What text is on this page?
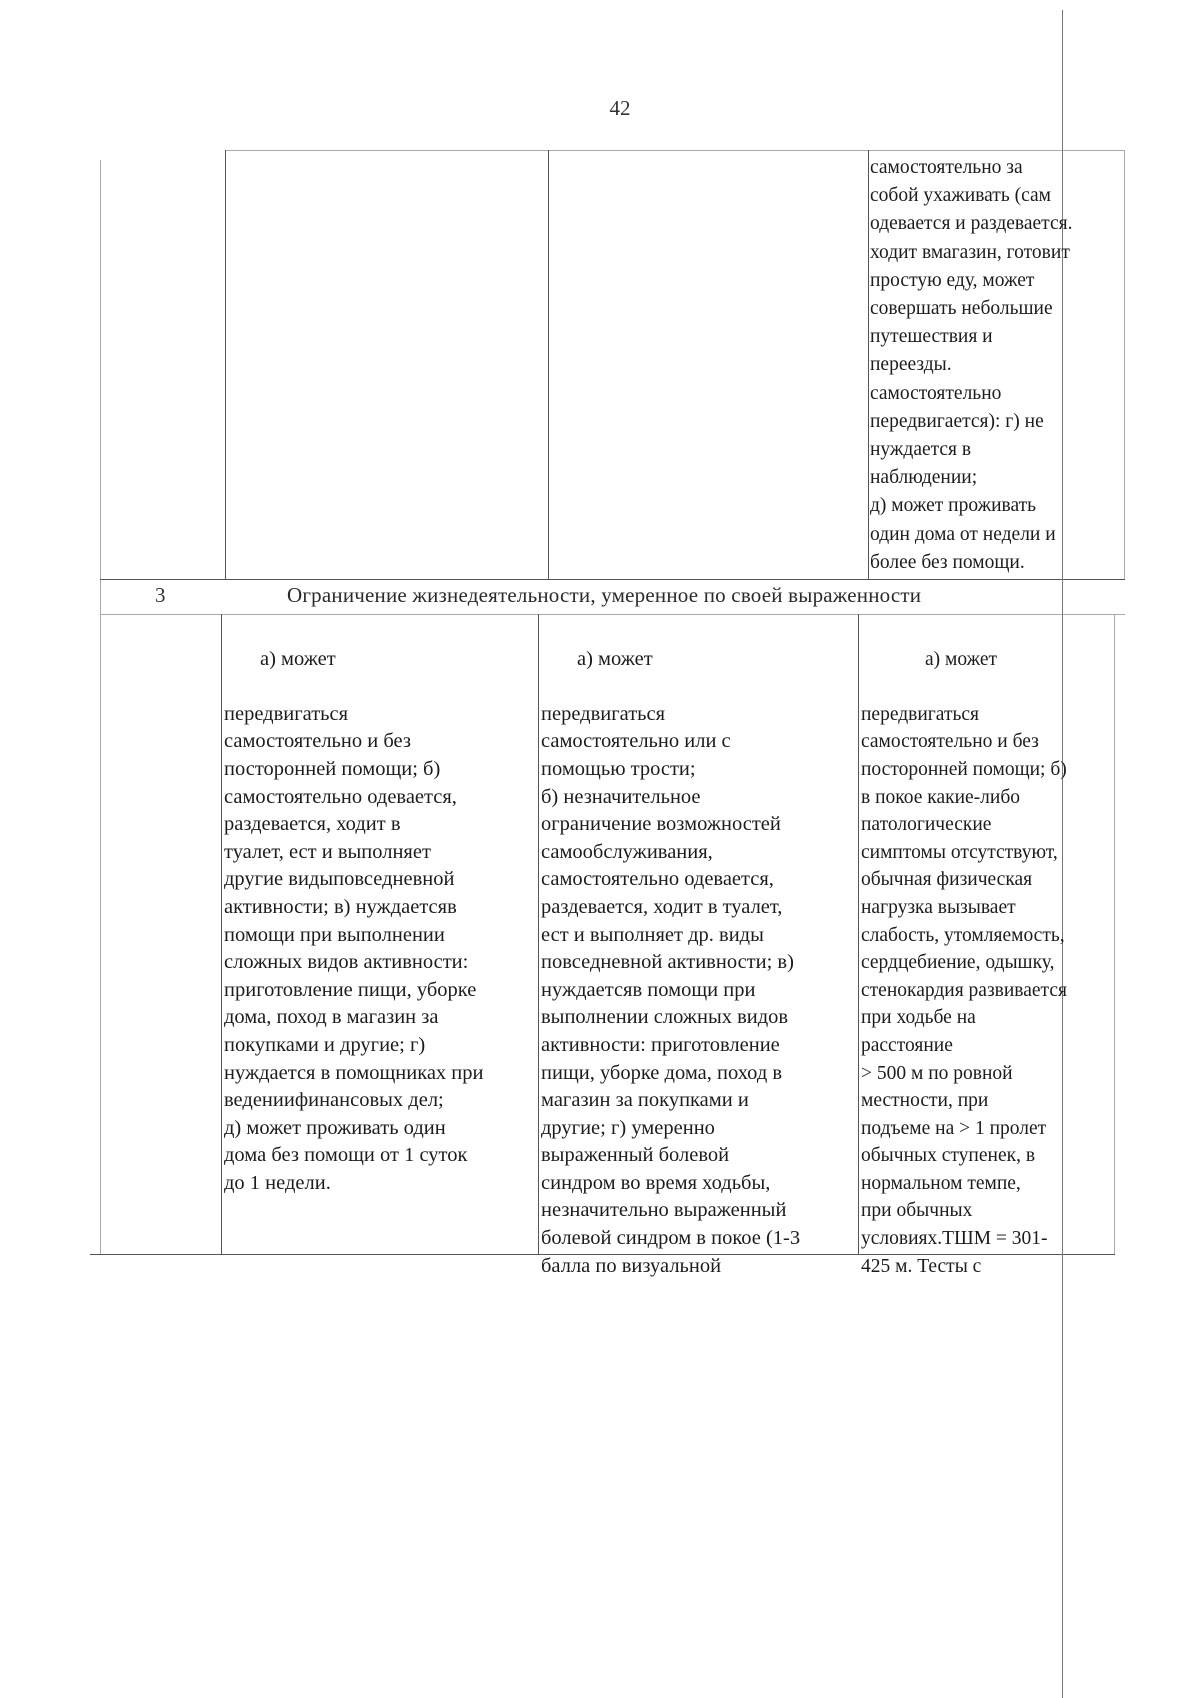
42
самостоятельно за
собой ухаживать (сам
одевается и раздевается.
ходит вмагазин, готовит
простую еду, может
совершать небольшие
путешествия и
переезды.
самостоятельно
передвигается): г) не
нуждается в
наблюдении;
д) может проживать
один дома от недели и
более без помощи.
3	Ограничение жизнедеятельности, умеренное по своей выраженности

а) может

передвигаться
самостоятельно и без
посторонней помощи; б)
самостоятельно одевается,
раздевается, ходит в
туалет, ест и выполняет
другие видыповседневной
активности; в) нуждаетсяв
помощи при выполнении
сложных видов активности:
приготовление пищи, уборке
дома, поход в магазин за
покупками и другие; г)
нуждается в помощниках при
ведениифинансовых дел;
д) может проживать один
дома без помощи от 1 суток
до 1 недели.

а) может

передвигаться
самостоятельно или с
помощью трости;
б) незначительное
ограничение возможностей
самообслуживания,
самостоятельно одевается,
раздевается, ходит в туалет,
ест и выполняет др. виды
повседневной активности; в)
нуждаетсяв помощи при
выполнении сложных видов
активности: приготовление
пищи, уборке дома, поход в
магазин за покупками и
другие; г) умеренно
выраженный болевой
синдром во время ходьбы,
незначительно выраженный
болевой синдром в покое (1-3
балла по визуальной

а) может

передвигаться
самостоятельно и без
посторонней помощи; б)
в покое какие-либо
патологические
симптомы отсутствуют,
обычная физическая
нагрузка вызывает
слабость, утомляемость,
сердцебиение, одышку,
стенокардия развивается
при ходьбе на
расстояние
> 500 м по ровной
местности, при
подъеме на > 1 пролет
обычных ступенек, в
нормальном темпе,
при обычных
условиях.ТШМ = 301-
425 м. Тесты с
